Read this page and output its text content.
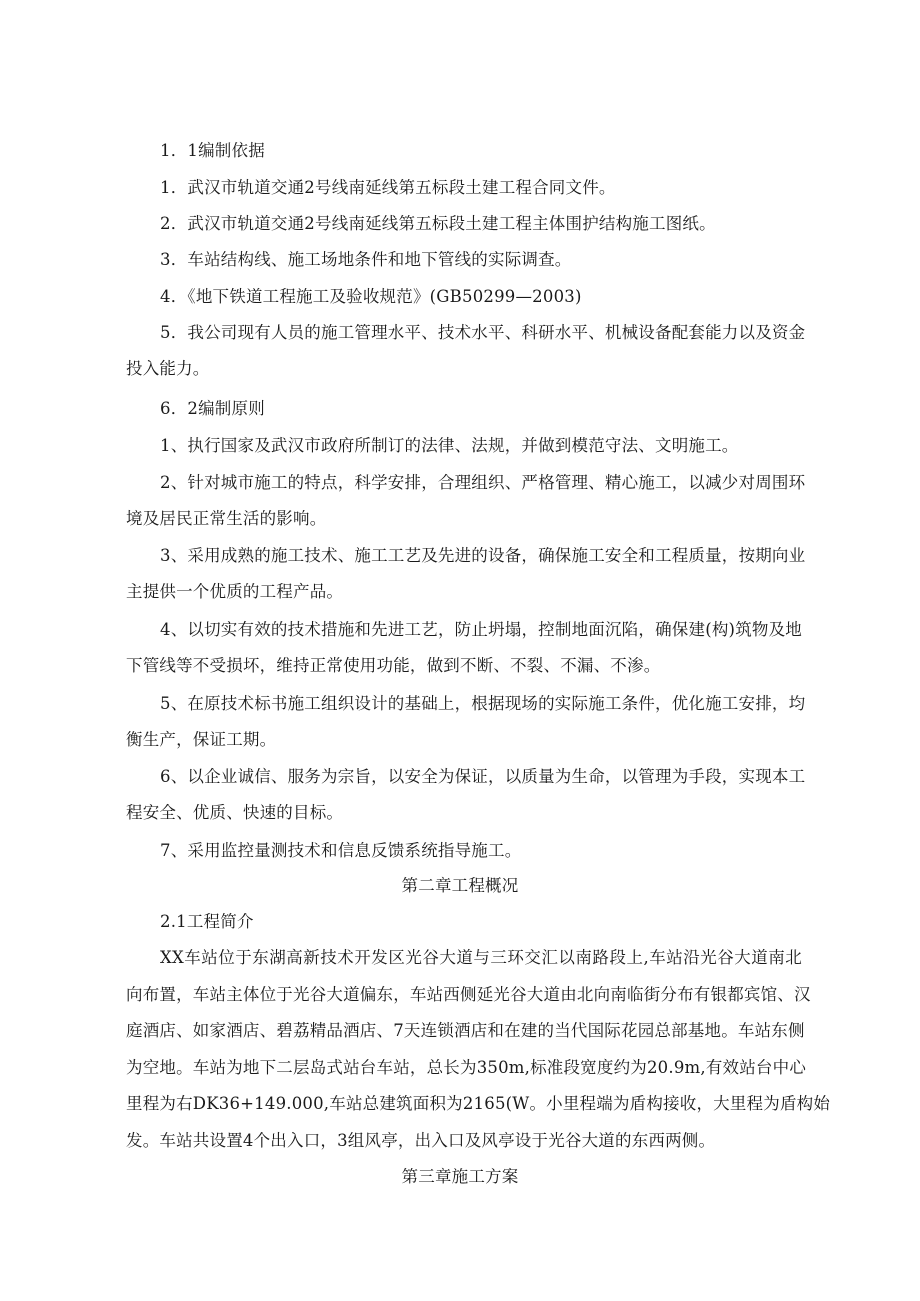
1．1编制依据
1．武汉市轨道交通2号线南延线第五标段土建工程合同文件。
2．武汉市轨道交通2号线南延线第五标段土建工程主体围护结构施工图纸。
3．车站结构线、施工场地条件和地下管线的实际调查。
4．《地下铁道工程施工及验收规范》(GB50299—2003)
5．我公司现有人员的施工管理水平、技术水平、科研水平、机械设备配套能力以及资金
投入能力。
6．2编制原则
1、执行国家及武汉市政府所制订的法律、法规，并做到模范守法、文明施工。
2、针对城市施工的特点，科学安排，合理组织、严格管理、精心施工，以减少对周围环
境及居民正常生活的影响。
3、采用成熟的施工技术、施工工艺及先进的设备，确保施工安全和工程质量，按期向业
主提供一个优质的工程产品。
4、以切实有效的技术措施和先进工艺，防止坍塌，控制地面沉陷，确保建(构)筑物及地
下管线等不受损坏，维持正常使用功能，做到不断、不裂、不漏、不渗。
5、在原技术标书施工组织设计的基础上，根据现场的实际施工条件，优化施工安排，均
衡生产，保证工期。
6、以企业诚信、服务为宗旨，以安全为保证，以质量为生命，以管理为手段，实现本工
程安全、优质、快速的目标。
7、采用监控量测技术和信息反馈系统指导施工。
第二章工程概况
2.1工程简介
XX车站位于东湖高新技术开发区光谷大道与三环交汇以南路段上,车站沿光谷大道南北
向布置，车站主体位于光谷大道偏东，车站西侧延光谷大道由北向南临街分布有银都宾馆、汉
庭酒店、如家酒店、碧荔精品酒店、7天连锁酒店和在建的当代国际花园总部基地。车站东侧
为空地。车站为地下二层岛式站台车站，总长为350m,标准段宽度约为20.9m,有效站台中心
里程为右DK36+149.000,车站总建筑面积为2165(W。小里程端为盾构接收，大里程为盾构始
发。车站共设置4个出入口，3组风亭，出入口及风亭设于光谷大道的东西两侧。
第三章施工方案
